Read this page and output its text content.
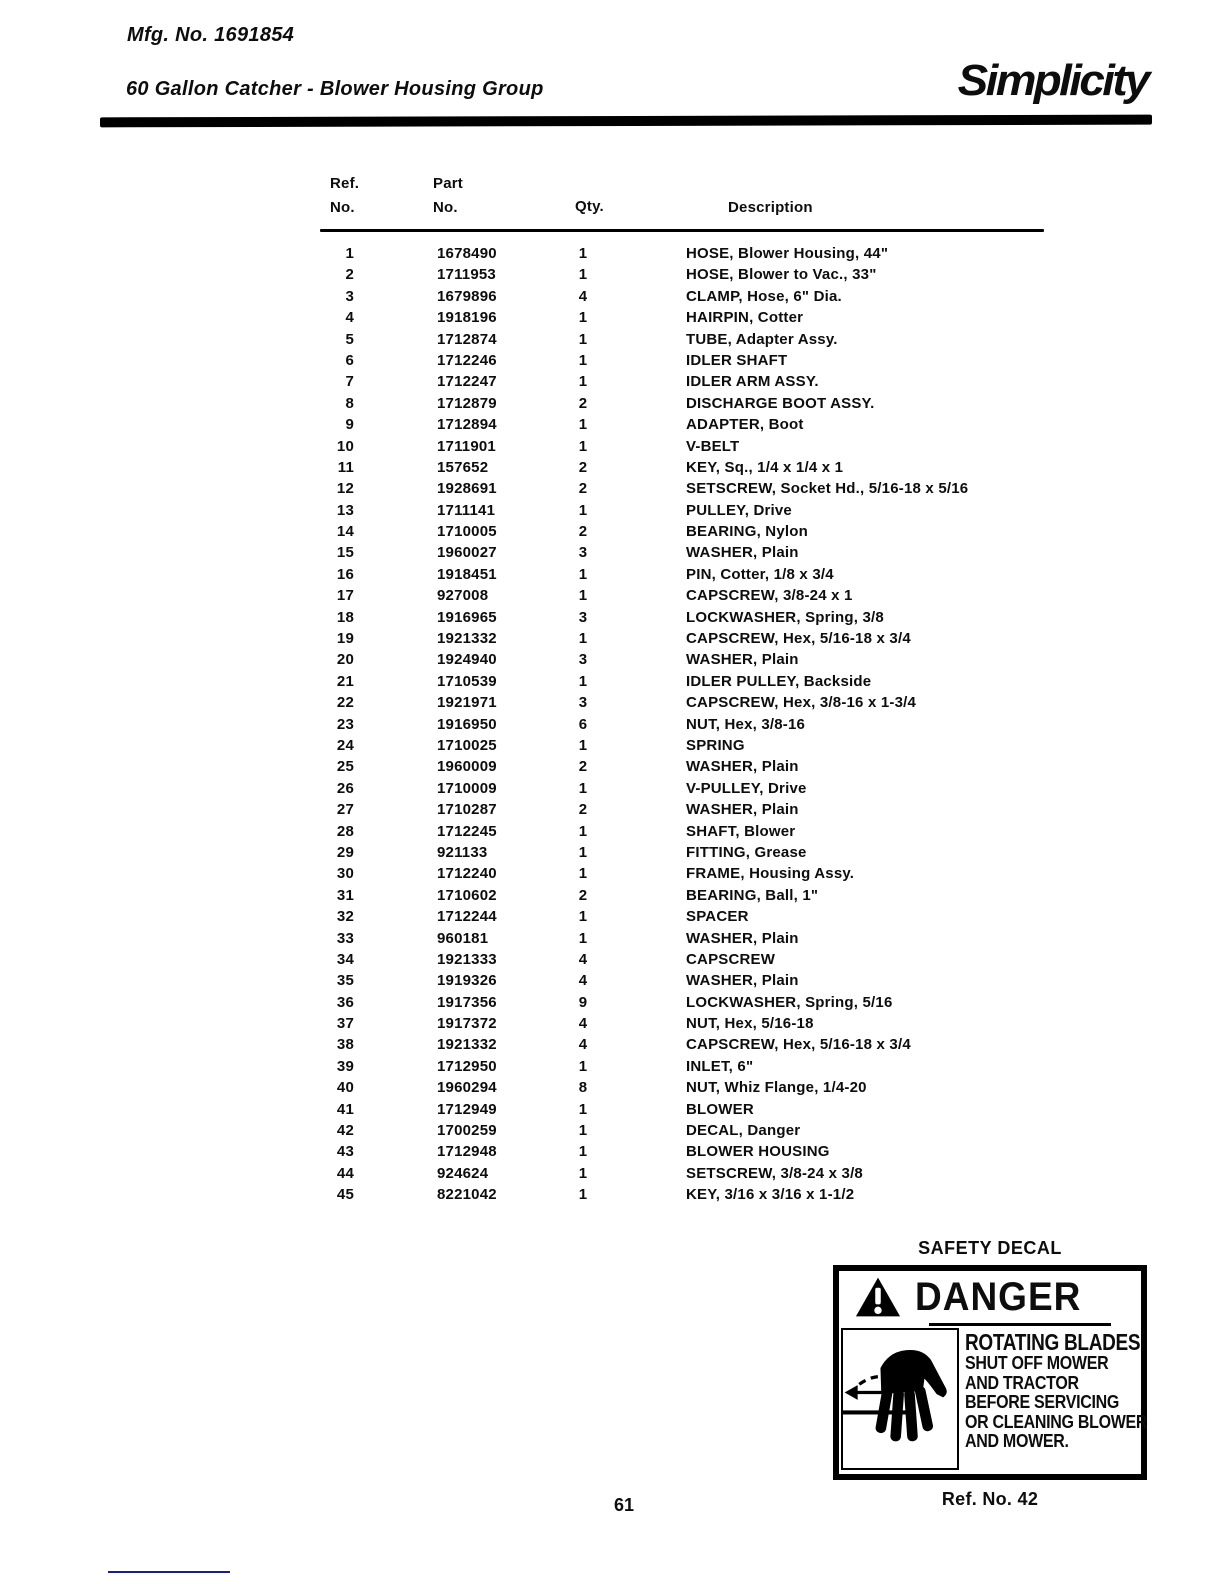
Mfg. No. 1691854
60 Gallon Catcher - Blower Housing Group	Simplicity
Ref.
No.
Part
No.	Qty.	Description
1	1678490	1	HOSE, Blower Housing, 44"
2	1711953	1	HOSE, Blower to Vac., 33"
3	1679896	4	CLAMP, Hose, 6" Dia.
4	1918196	1	HAIRPIN, Cotter
5	1712874	1	TUBE, Adapter Assy.
6	1712246	1	IDLER SHAFT
7	1712247	1	IDLER ARM ASSY.
8	1712879	2	DISCHARGE BOOT ASSY.
9	1712894	1	ADAPTER, Boot
10	1711901	1	V-BELT
11	157652	2	KEY, Sq., 1/4 x 1/4 x 1
12	1928691	2	SETSCREW, Socket Hd., 5/16-18 x 5/16
13	1711141	1	PULLEY, Drive
14	1710005	2	BEARING, Nylon
15	1960027	3	WASHER, Plain
16	1918451	1	PIN, Cotter, 1/8 x 3/4
17	927008	1	CAPSCREW, 3/8-24 x 1
18	1916965	3	LOCKWASHER, Spring, 3/8
19	1921332	1	CAPSCREW, Hex, 5/16-18 x 3/4
20	1924940	3	WASHER, Plain
21	1710539	1	IDLER PULLEY, Backside
22	1921971	3	CAPSCREW, Hex, 3/8-16 x 1-3/4
23	1916950	6	NUT, Hex, 3/8-16
24	1710025	1	SPRING
25	1960009	2	WASHER, Plain
26	1710009	1	V-PULLEY, Drive
27	1710287	2	WASHER, Plain
28	1712245	1	SHAFT, Blower
29	921133	1	FITTING, Grease
30	1712240	1	FRAME, Housing Assy.
31	1710602	2	BEARING, Ball, 1"
32	1712244	1	SPACER
33	960181	1	WASHER, Plain
34	1921333	4	CAPSCREW
35	1919326	4	WASHER, Plain
36	1917356	9	LOCKWASHER, Spring, 5/16
37	1917372	4	NUT, Hex, 5/16-18
38	1921332	4	CAPSCREW, Hex, 5/16-18 x 3/4
39	1712950	1	INLET, 6"
40	1960294	8	NUT, Whiz Flange, 1/4-20
41	1712949	1	BLOWER
42	1700259	1	DECAL, Danger
43	1712948	1	BLOWER HOUSING
44	924624	1	SETSCREW, 3/8-24 x 3/8
45	8221042	1	KEY, 3/16 x 3/16 x 1-1/2
SAFETY DECAL
DANGER
ROTATING BLADES
SHUT OFF MOWER
AND TRACTOR
BEFORE SERVICING
OR CLEANING BLOWER
AND MOWER.
Ref. No. 42
61
